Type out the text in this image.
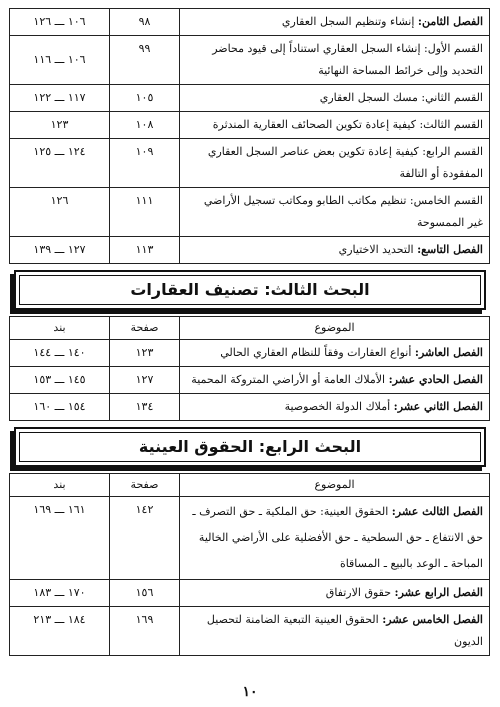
الفصل الثامن: إنشاء وتنظيم السجل العقاري	٩٨	١٠٦ ـــ ١٢٦
القسم الأول: إنشاء السجل العقاري استناداً إلى قيود محاضر التحديد وإلى خرائط المساحة النهائية	٩٩	١٠٦ ـــ ١١٦
القسم الثاني: مسك السجل العقاري	١٠٥	١١٧ ـــ ١٢٢
القسم الثالث: كيفية إعادة تكوين الصحائف العقارية المندثرة	١٠٨	١٢٣
القسم الرابع: كيفية إعادة تكوين بعض عناصر السجل العقاري المفقودة أو التالفة	١٠٩	١٢٤ ـــ ١٢٥
القسم الخامس: تنظيم مكاتب الطابو ومكاتب تسجيل الأراضي غير الممسوحة	١١١	١٢٦
الفصل التاسع: التحديد الاختياري	١١٣	١٢٧ ـــ ١٣٩
البحث الثالث: تصنيف العقارات
الموضوع	صفحة	بند
الفصل العاشر: أنواع العقارات وفقاً للنظام العقاري الحالي	١٢٣	١٤٠ ـــ ١٤٤
الفصل الحادي عشر: الأملاك العامة أو الأراضي المتروكة المحمية	١٢٧	١٤٥ ـــ ١٥٣
الفصل الثاني عشر: أملاك الدولة الخصوصية	١٣٤	١٥٤ ـــ ١٦٠
البحث الرابع: الحقوق العينية
الموضوع	صفحة	بند
الفصل الثالث عشر: الحقوق العينية: حق الملكية ـ حق التصرف ـ حق الانتفاع ـ حق السطحية ـ حق الأفضلية على الأراضي الخالية المباحة ـ الوعد بالبيع ـ المساقاة	١٤٢	١٦١ ـــ ١٦٩
الفصل الرابع عشر: حقوق الارتفاق	١٥٦	١٧٠ ـــ ١٨٣
الفصل الخامس عشر: الحقوق العينية التبعية الضامنة لتحصيل الديون	١٦٩	١٨٤ ـــ ٢١٣
١٠
